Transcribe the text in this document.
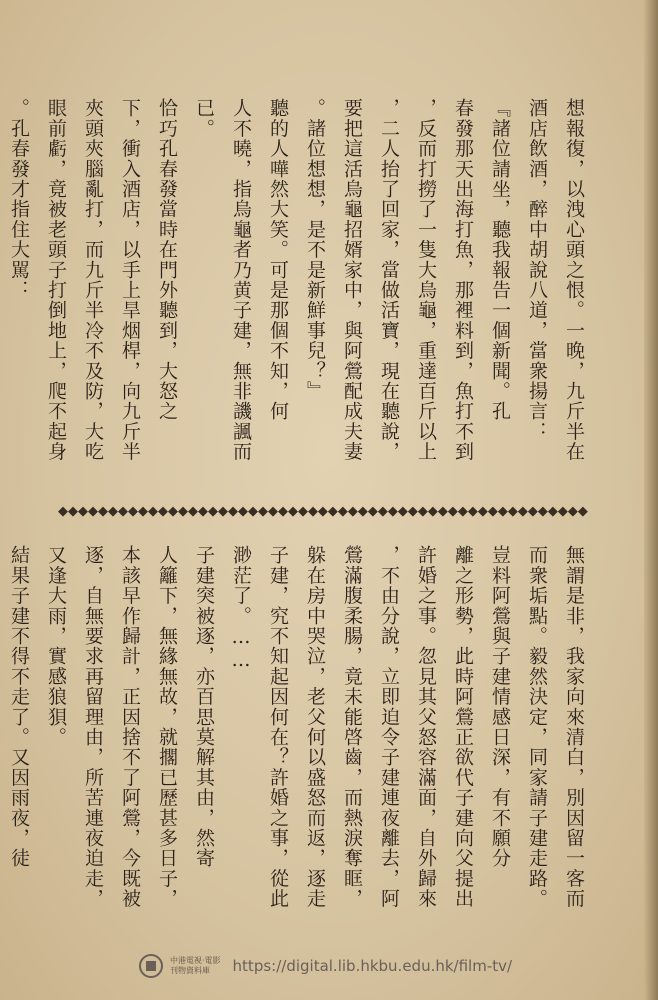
想報復，以洩心頭之恨。一晚，九斤半在
酒店飲酒，醉中胡說八道，當衆揚言：
『諸位請坐，聽我報告一個新聞。孔
春發那天出海打魚，那裡料到，魚打不到
，反而打撈了一隻大烏龜，重達百斤以上
，二人抬了回家，當做活寶，現在聽說，
要把這活烏龜招婿家中，與阿鶯配成夫妻
。諸位想想，是不是新鮮事兒？』
聽的人嘩然大笑。可是那個不知，何
人不曉，指烏龜者乃黄子建，無非譏諷而
已。
恰巧孔春發當時在門外聽到，大怒之
下，衝入酒店，以手上旱烟桿，向九斤半
夾頭夾腦亂打，而九斤半冷不及防，大吃
眼前虧，竟被老頭子打倒地上，爬不起身
。孔春發才指住大駡：
◆◆◆◆◆◆◆◆◆◆◆◆◆◆◆◆◆◆◆◆◆◆◆◆◆◆◆◆◆◆◆◆◆◆◆◆◆◆◆◆◆◆◆◆◆◆◆◆◆◆◆◆◆
無謂是非，我家向來清白，別因留一客而
而衆垢點。毅然決定，同家請子建走路。
豈料阿鶯與子建情感日深，有不願分
離之形勢，此時阿鶯正欲代子建向父提出
許婚之事。忽見其父怒容滿面，自外歸來
，不由分說，立即迫令子建連夜離去，阿
鶯滿腹柔腸，竟未能啓齒，而熱淚奪眶，
躲在房中哭泣，老父何以盛怒而返，逐走
子建，究不知起因何在？許婚之事，從此
渺茫了。……
子建突被逐，亦百思莫解其由，然寄
人籬下，無緣無故，就擱已歷甚多日子，
本該早作歸計，正因捨不了阿鶯，今既被
逐，自無要求再留理由，所苦連夜迫走，
又逢大雨，實感狼狽。
結果子建不得不走了。又因雨夜，徒
中港電視·電影
刊物資料庫	https://digital.lib.hkbu.edu.hk/film-tv/
